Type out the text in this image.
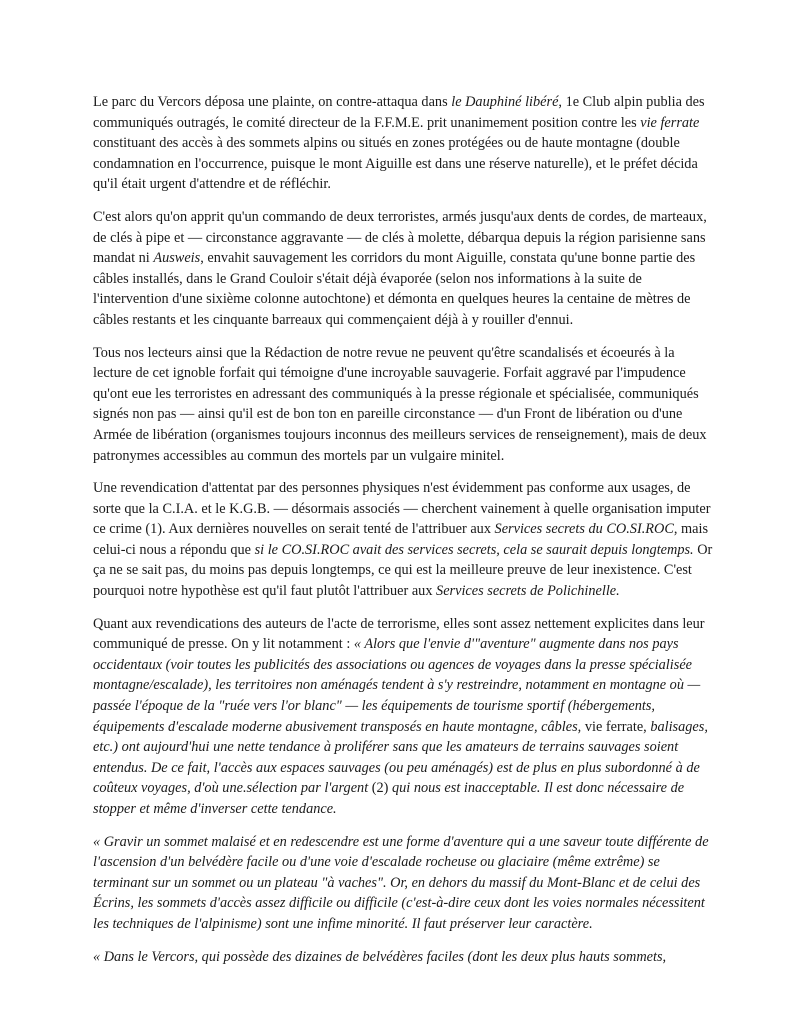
Le parc du Vercors déposa une plainte, on contre-attaqua dans le Dauphiné libéré, 1e Club alpin publia des communiqués outragés, le comité directeur de la F.F.M.E. prit unanimement position contre les vie ferrate constituant des accès à des sommets alpins ou situés en zones protégées ou de haute montagne (double condamnation en l'occurrence, puisque le mont Aiguille est dans une réserve naturelle), et le préfet décida qu'il était urgent d'attendre et de réfléchir.

C'est alors qu'on apprit qu'un commando de deux terroristes, armés jusqu'aux dents de cordes, de marteaux, de clés à pipe et — circonstance aggravante — de clés à molette, débarqua depuis la région parisienne sans mandat ni Ausweis, envahit sauvagement les corridors du mont Aiguille, constata qu'une bonne partie des câbles installés, dans le Grand Couloir s'était déjà évaporée (selon nos informations à la suite de l'intervention d'une sixième colonne autochtone) et démonta en quelques heures la centaine de mètres de câbles restants et les cinquante barreaux qui commençaient déjà à y rouiller d'ennui.

Tous nos lecteurs ainsi que la Rédaction de notre revue ne peuvent qu'être scandalisés et écoeurés à la lecture de cet ignoble forfait qui témoigne d'une incroyable sauvagerie. Forfait aggravé par l'impudence qu'ont eue les terroristes en adressant des communiqués à la presse régionale et spécialisée, communiqués signés non pas — ainsi qu'il est de bon ton en pareille circonstance — d'un Front de libération ou d'une Armée de libération (organismes toujours inconnus des meilleurs services de renseignement), mais de deux patronymes accessibles au commun des mortels par un vulgaire minitel.

Une revendication d'attentat par des personnes physiques n'est évidemment pas conforme aux usages, de sorte que la C.I.A. et le K.G.B. — désormais associés — cherchent vainement à quelle organisation imputer ce crime (1). Aux dernières nouvelles on serait tenté de l'attribuer aux Services secrets du CO.SI.ROC, mais celui-ci nous a répondu que si le CO.SI.ROC avait des services secrets, cela se saurait depuis longtemps. Or ça ne se sait pas, du moins pas depuis longtemps, ce qui est la meilleure preuve de leur inexistence. C'est pourquoi notre hypothèse est qu'il faut plutôt l'attribuer aux Services secrets de Polichinelle.

Quant aux revendications des auteurs de l'acte de terrorisme, elles sont assez nettement explicites dans leur communiqué de presse. On y lit notamment : « Alors que l'envie d'"aventure" augmente dans nos pays occidentaux (voir toutes les publicités des associations ou agences de voyages dans la presse spécialisée montagne/escalade), les territoires non aménagés tendent à s'y restreindre, notamment en montagne où — passée l'époque de la "ruée vers l'or blanc" — les équipements de tourisme sportif (hébergements, équipements d'escalade moderne abusivement transposés en haute montagne, câbles, vie ferrate, balisages, etc.) ont aujourd'hui une nette tendance à proliférer sans que les amateurs de terrains sauvages soient entendus. De ce fait, l'accès aux espaces sauvages (ou peu aménagés) est de plus en plus subordonné à de coûteux voyages, d'où une.sélection par l'argent (2) qui nous est inacceptable. Il est donc nécessaire de stopper et même d'inverser cette tendance.

« Gravir un sommet malaisé et en redescendre est une forme d'aventure qui a une saveur toute différente de l'ascension d'un belvédère facile ou d'une voie d'escalade rocheuse ou glaciaire (même extrême) se terminant sur un sommet ou un plateau "à vaches". Or, en dehors du massif du Mont-Blanc et de celui des Écrins, les sommets d'accès assez difficile ou difficile (c'est-à-dire ceux dont les voies normales nécessitent les techniques de l'alpinisme) sont une infime minorité. Il faut préserver leur caractère.

« Dans le Vercors, qui possède des dizaines de belvédères faciles (dont les deux plus hauts sommets,
